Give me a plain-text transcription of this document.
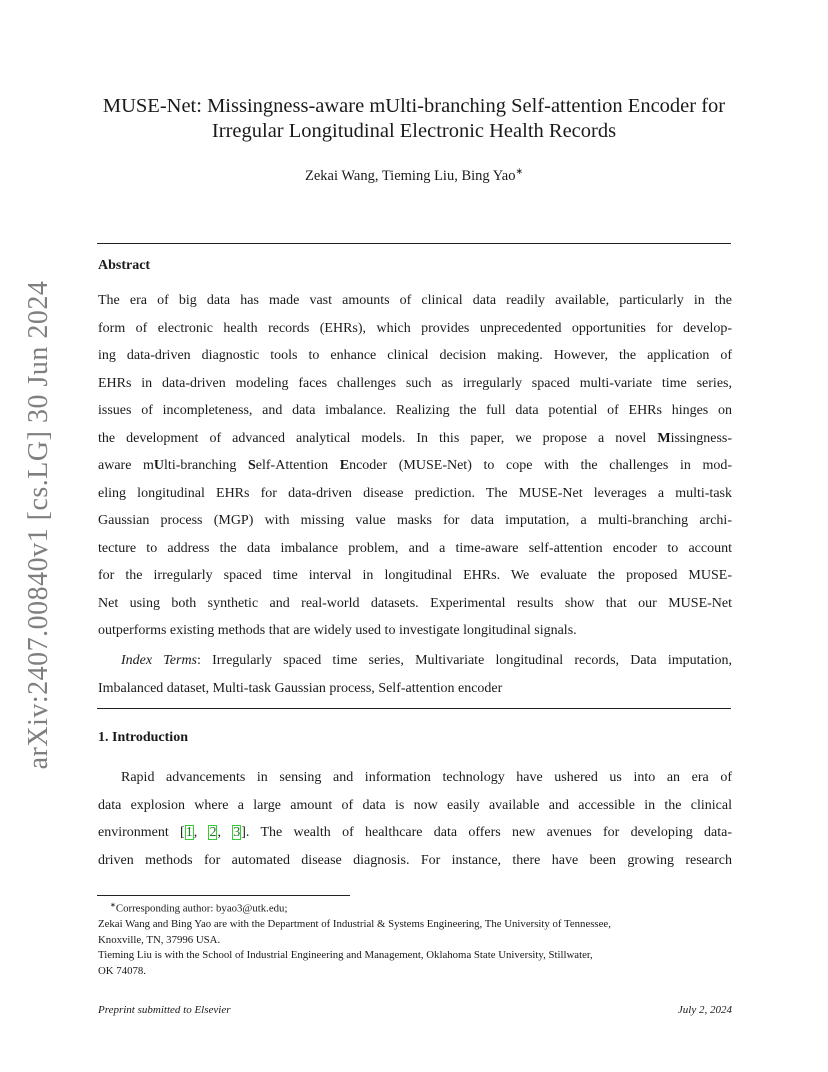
arXiv:2407.00840v1 [cs.LG] 30 Jun 2024
MUSE-Net: Missingness-aware mUlti-branching Self-attention Encoder for
Irregular Longitudinal Electronic Health Records
Zekai Wang, Tieming Liu, Bing Yao∗
Abstract
The era of big data has made vast amounts of clinical data readily available, particularly in the
form of electronic health records (EHRs), which provides unprecedented opportunities for develop-
ing data-driven diagnostic tools to enhance clinical decision making. However, the application of
EHRs in data-driven modeling faces challenges such as irregularly spaced multi-variate time series,
issues of incompleteness, and data imbalance. Realizing the full data potential of EHRs hinges on
the development of advanced analytical models. In this paper, we propose a novel Missingness-
aware mUlti-branching Self-Attention Encoder (MUSE-Net) to cope with the challenges in mod-
eling longitudinal EHRs for data-driven disease prediction. The MUSE-Net leverages a multi-task
Gaussian process (MGP) with missing value masks for data imputation, a multi-branching archi-
tecture to address the data imbalance problem, and a time-aware self-attention encoder to account
for the irregularly spaced time interval in longitudinal EHRs. We evaluate the proposed MUSE-
Net using both synthetic and real-world datasets. Experimental results show that our MUSE-Net
outperforms existing methods that are widely used to investigate longitudinal signals.
Index Terms: Irregularly spaced time series, Multivariate longitudinal records, Data imputation,
Imbalanced dataset, Multi-task Gaussian process, Self-attention encoder
1. Introduction
Rapid advancements in sensing and information technology have ushered us into an era of
data explosion where a large amount of data is now easily available and accessible in the clinical
environment [1, 2, 3]. The wealth of healthcare data offers new avenues for developing data-
driven methods for automated disease diagnosis. For instance, there have been growing research
∗Corresponding author: byao3@utk.edu;
Zekai Wang and Bing Yao are with the Department of Industrial & Systems Engineering, The University of Tennessee,
Knoxville, TN, 37996 USA.
Tieming Liu is with the School of Industrial Engineering and Management, Oklahoma State University, Stillwater,
OK 74078.
Preprint submitted to Elsevier	July 2, 2024
